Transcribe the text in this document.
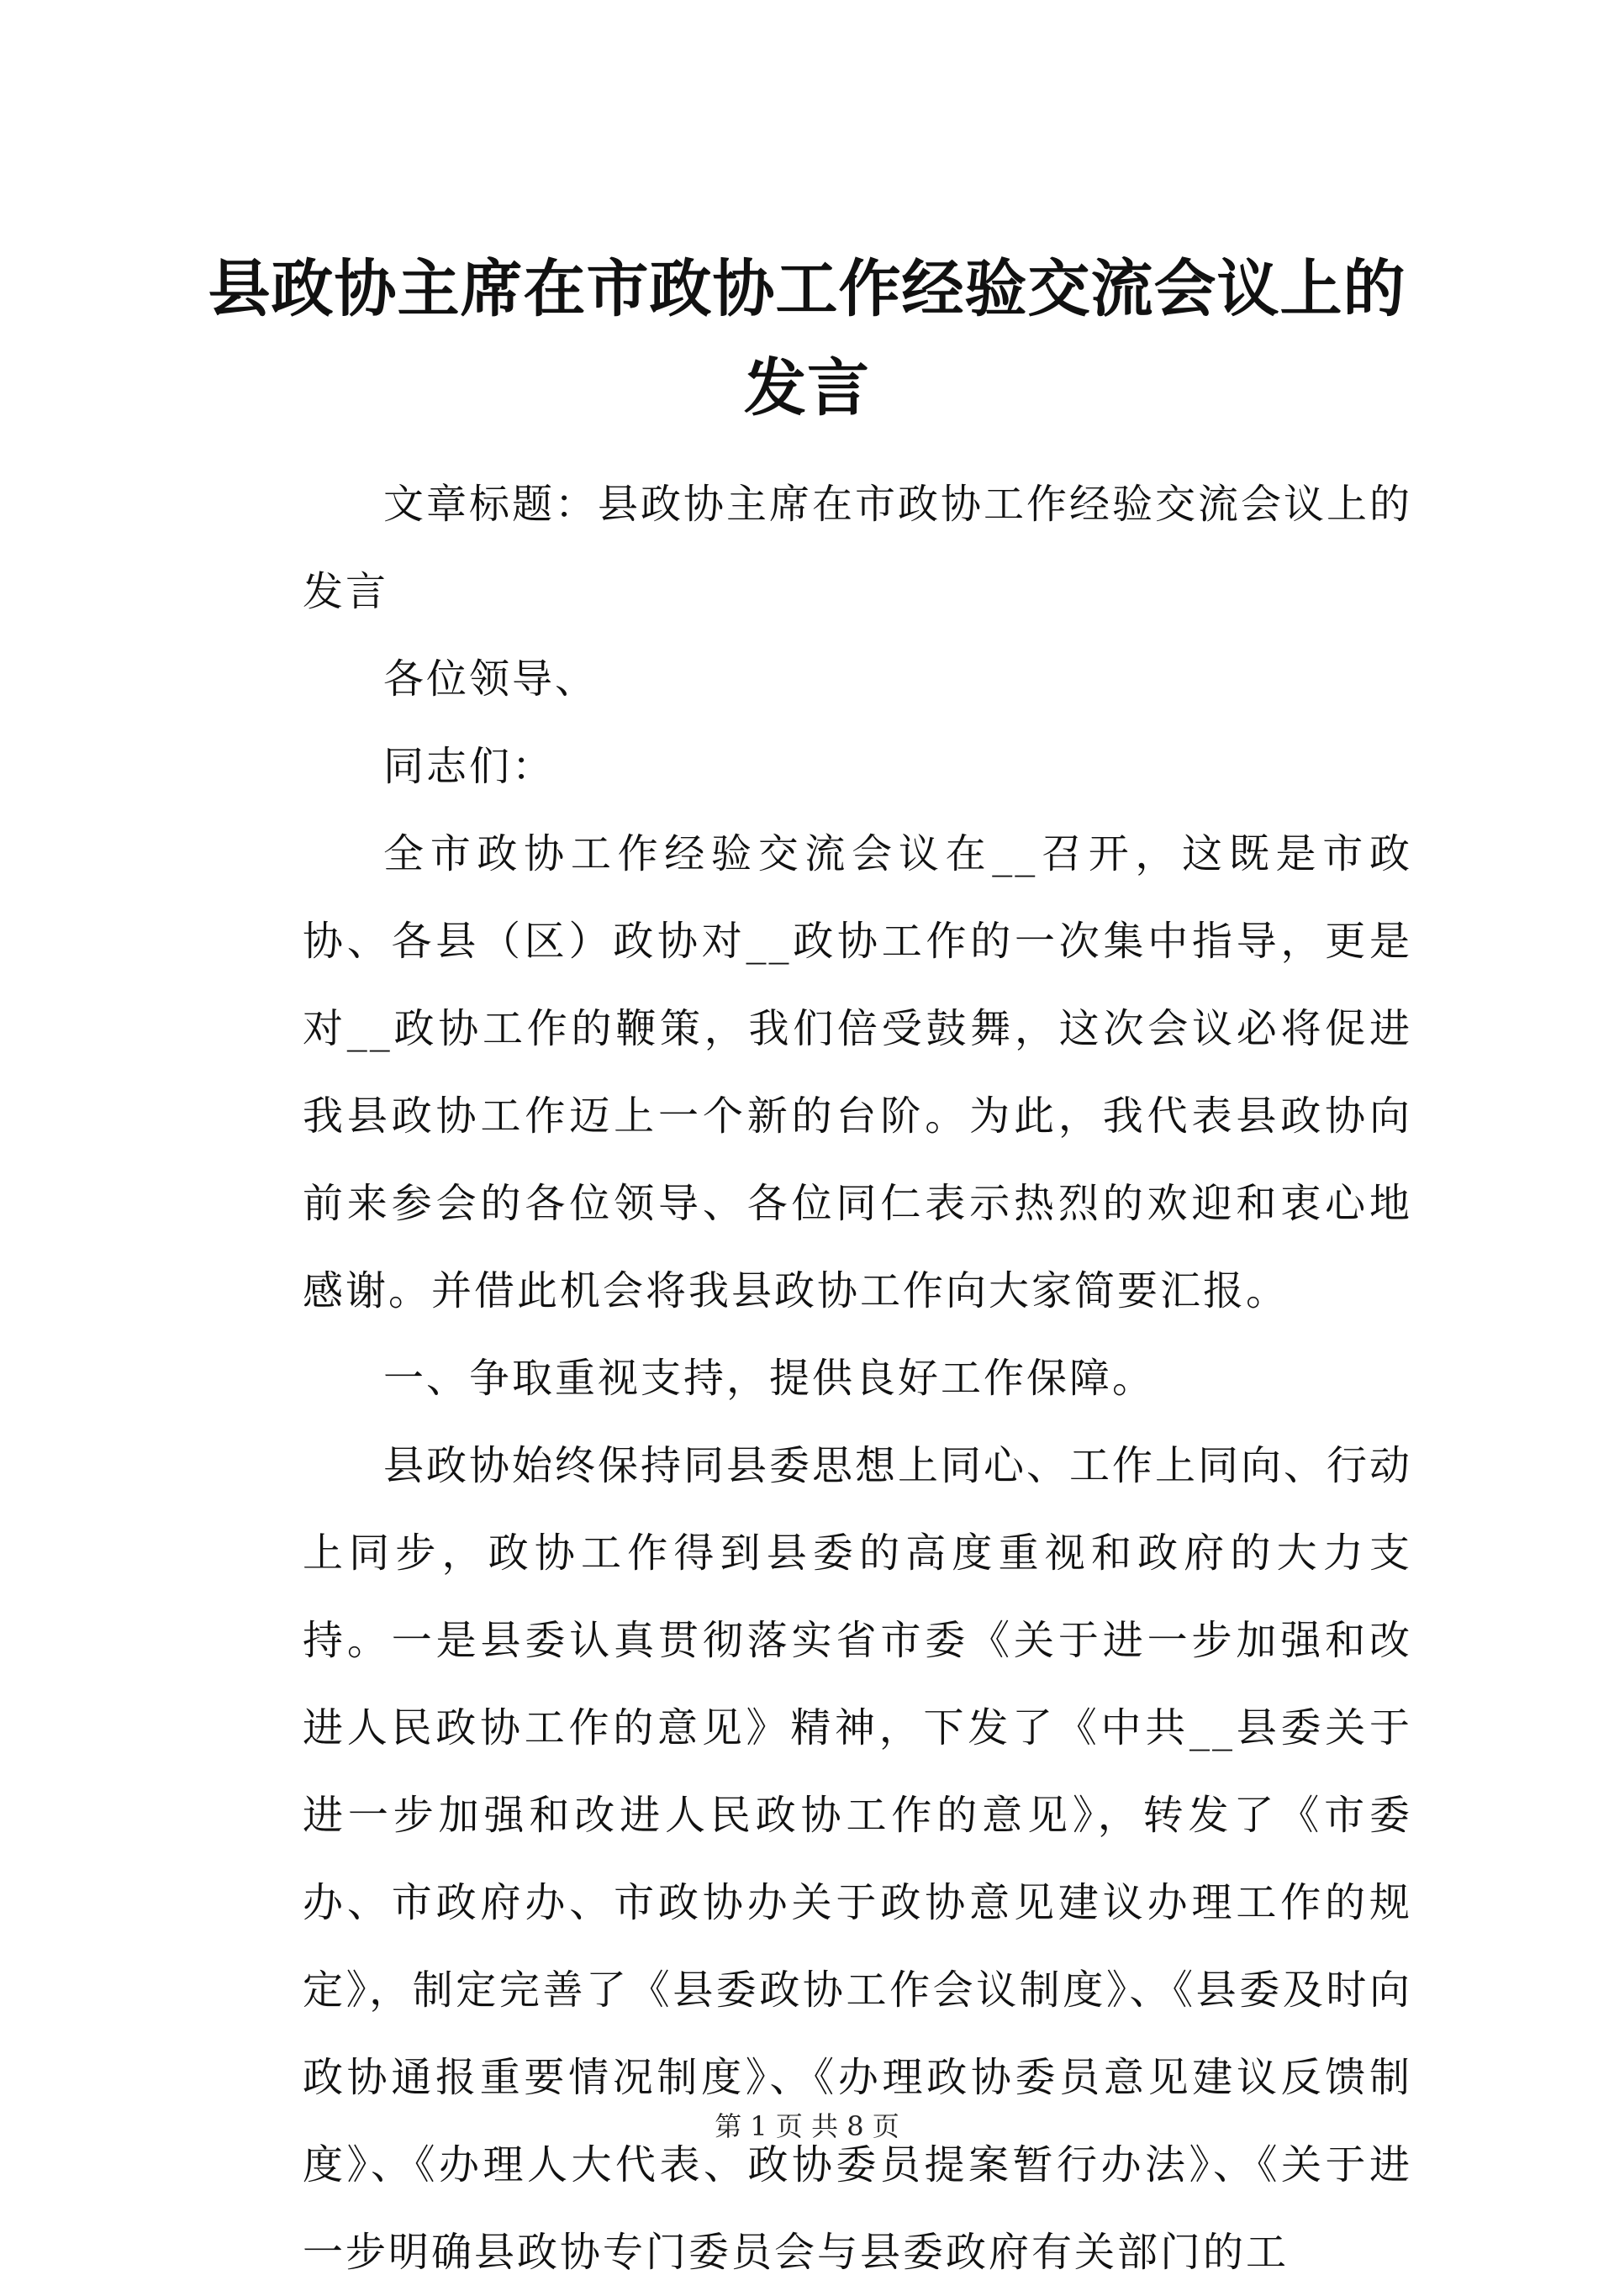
县政协主席在市政协工作经验交流会议上的发言

文章标题：县政协主席在市政协工作经验交流会议上的发言

各位领导、

同志们：

全市政协工作经验交流会议在__召开，这既是市政协、各县（区）政协对__政协工作的一次集中指导，更是对__政协工作的鞭策，我们倍受鼓舞，这次会议必将促进我县政协工作迈上一个新的台阶。为此，我代表县政协向前来参会的各位领导、各位同仁表示热烈的欢迎和衷心地感谢。并借此机会将我县政协工作向大家简要汇报。

一、争取重视支持，提供良好工作保障。

县政协始终保持同县委思想上同心、工作上同向、行动上同步，政协工作得到县委的高度重视和政府的大力支持。一是县委认真贯彻落实省市委《关于进一步加强和改进人民政协工作的意见》精神，下发了《中共__县委关于进一步加强和改进人民政协工作的意见》，转发了《市委办、市政府办、市政协办关于政协意见建议办理工作的规定》，制定完善了《县委政协工作会议制度》、《县委及时向政协通报重要情况制度》、《办理政协委员意见建议反馈制度》、《办理人大代表、政协委员提案暂行办法》、《关于进一步明确县政协专门委员会与县委政府有关部门的工

第 1 页 共 8 页
